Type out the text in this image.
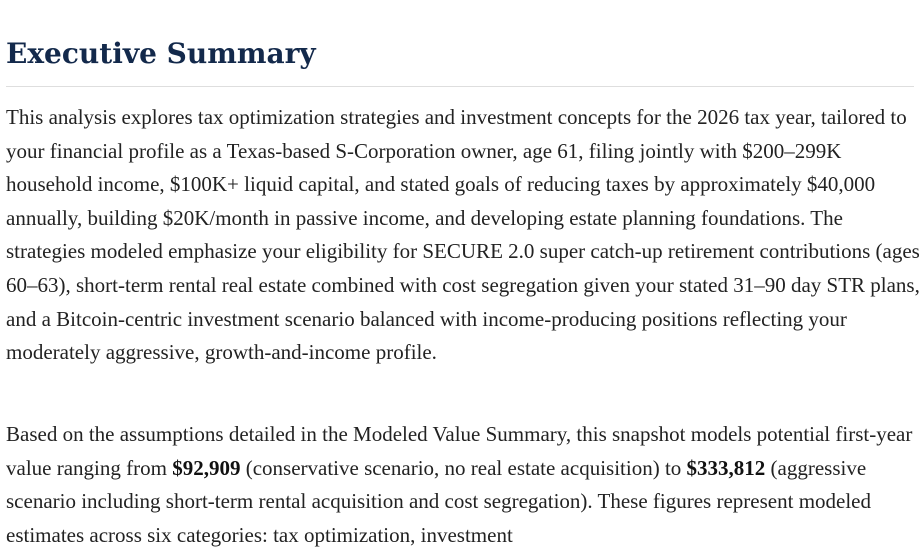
Executive Summary

This analysis explores tax optimization strategies and investment concepts for the 2026 tax year, tailored to your financial profile as a Texas-based S-Corporation owner, age 61, filing jointly with $200–299K household income, $100K+ liquid capital, and stated goals of reducing taxes by approximately $40,000 annually, building $20K/month in passive income, and developing estate planning foundations. The strategies modeled emphasize your eligibility for SECURE 2.0 super catch-up retirement contributions (ages 60–63), short-term rental real estate combined with cost segregation given your stated 31–90 day STR plans, and a Bitcoin-centric investment scenario balanced with income-producing positions reflecting your moderately aggressive, growth-and-income profile.

Based on the assumptions detailed in the Modeled Value Summary, this snapshot models potential first-year value ranging from $92,909 (conservative scenario, no real estate acquisition) to $333,812 (aggressive scenario including short-term rental acquisition and cost segregation). These figures represent modeled estimates across six categories: tax optimization, investment
